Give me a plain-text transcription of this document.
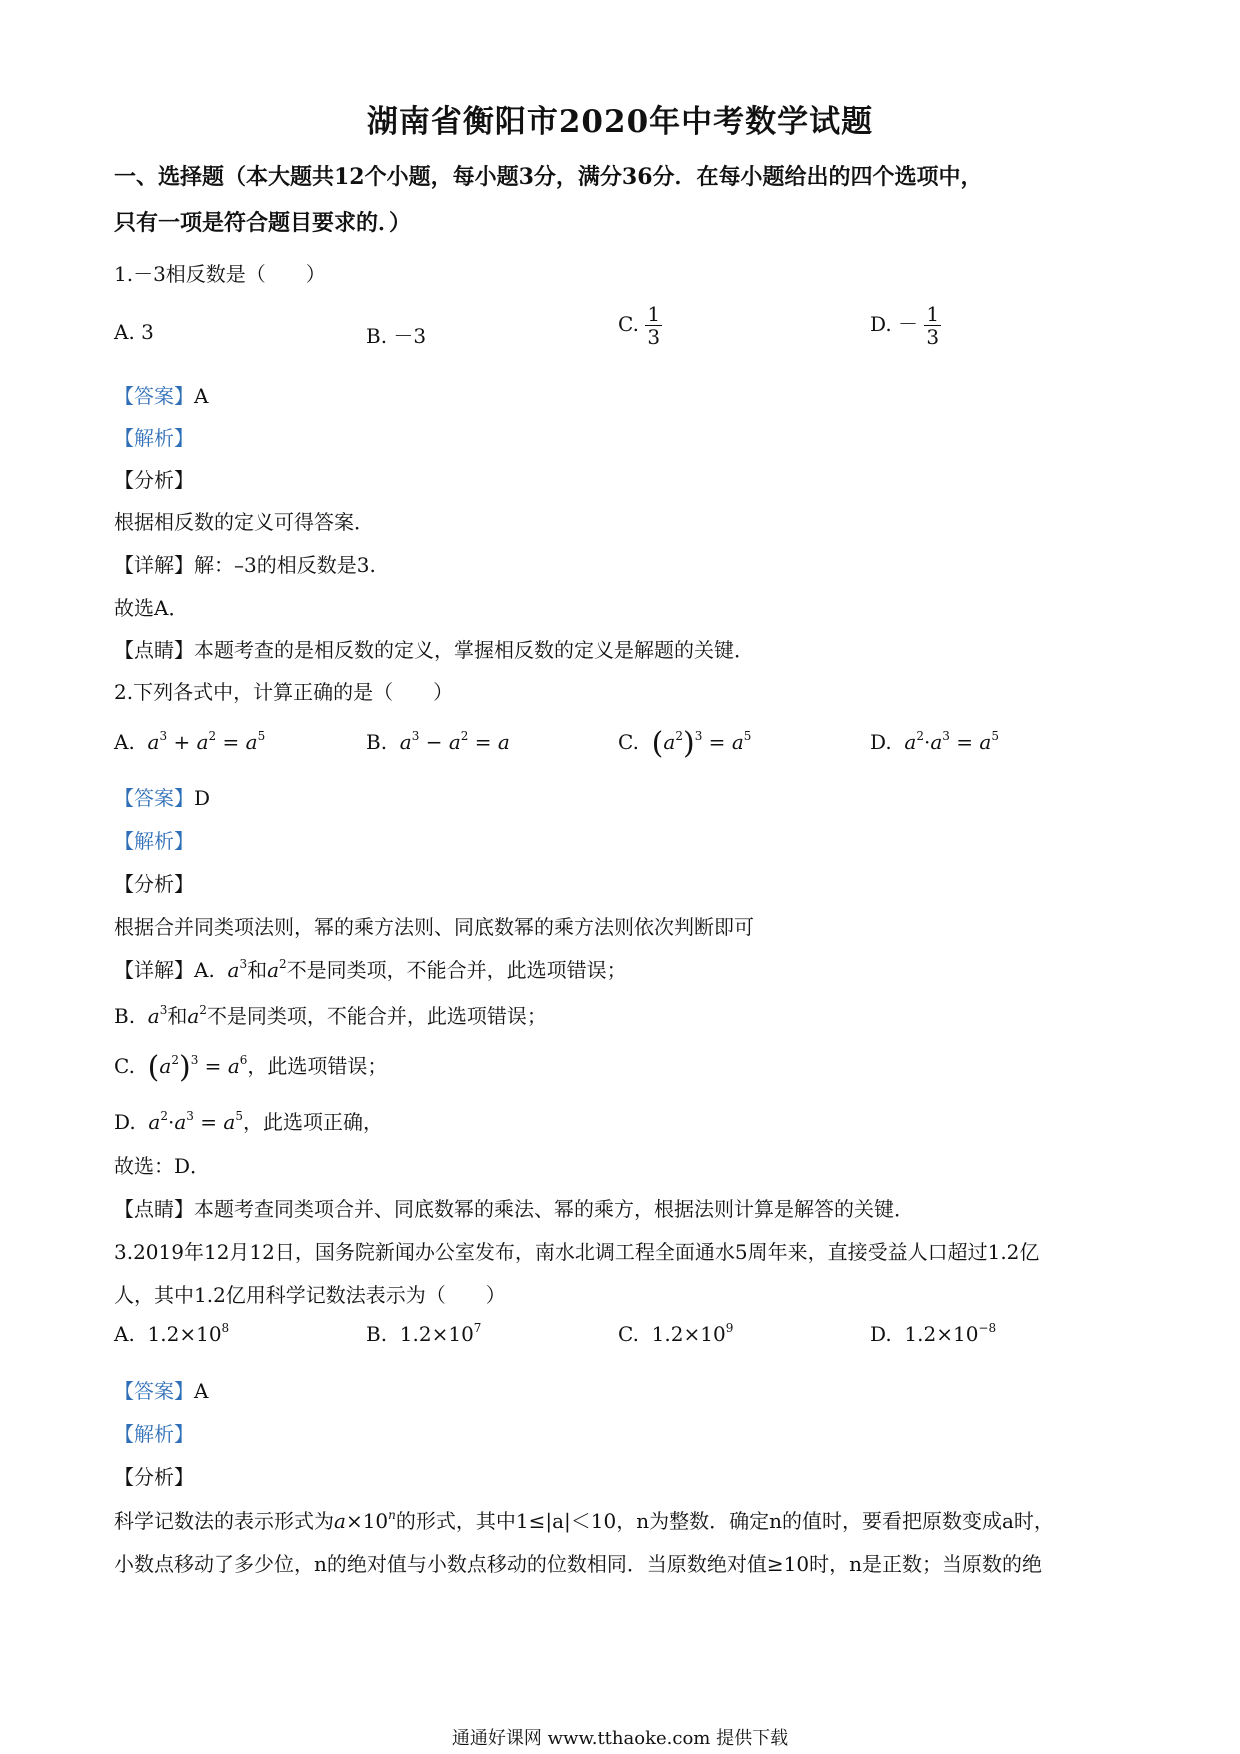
湖南省衡阳市2020年中考数学试题
一、选择题（本大题共12个小题，每小题3分，满分36分．在每小题给出的四个选项中，
只有一项是符合题目要求的．）
1.－3相反数是（　　）
A. 3	B. －3	C. $\frac{1}{3}$	D. － $\frac{1}{3}$
【答案】A
【解析】
【分析】
根据相反数的定义可得答案．
【详解】解：–3的相反数是3.
故选A．
【点睛】本题考查的是相反数的定义，掌握相反数的定义是解题的关键．
2.下列各式中，计算正确的是（　　）
A. $a^3 + a^2 = a^5$	B. $a^3 - a^2 = a$	C. $(a^2)^3 = a^5$	D. $a^2\cdot a^3 = a^5$
【答案】D
【解析】
【分析】
根据合并同类项法则，幂的乘方法则、同底数幂的乘方法则依次判断即可
【详解】A. $a^3$和$a^2$不是同类项，不能合并，此选项错误；
B. $a^3$和$a^2$不是同类项，不能合并，此选项错误；
C. $(a^2)^3 = a^6$，此选项错误；
D. $a^2\cdot a^3 = a^5$，此选项正确，
故选：D．
【点睛】本题考查同类项合并、同底数幂的乘法、幂的乘方，根据法则计算是解答的关键．
3.2019年12月12日，国务院新闻办公室发布，南水北调工程全面通水5周年来，直接受益人口超过1.2亿
人，其中1.2亿用科学记数法表示为（　　）
A. $1.2\times 10^8$	B. $1.2\times 10^7$	C. $1.2\times 10^9$	D. $1.2\times 10^{-8}$
【答案】A
【解析】
【分析】
科学记数法的表示形式为$a\times 10^n$的形式，其中1≤|a|＜10，n为整数．确定n的值时，要看把原数变成a时，
小数点移动了多少位，n的绝对值与小数点移动的位数相同．当原数绝对值≥10时，n是正数；当原数的绝
通通好课网 www.tthaoke.com 提供下载
